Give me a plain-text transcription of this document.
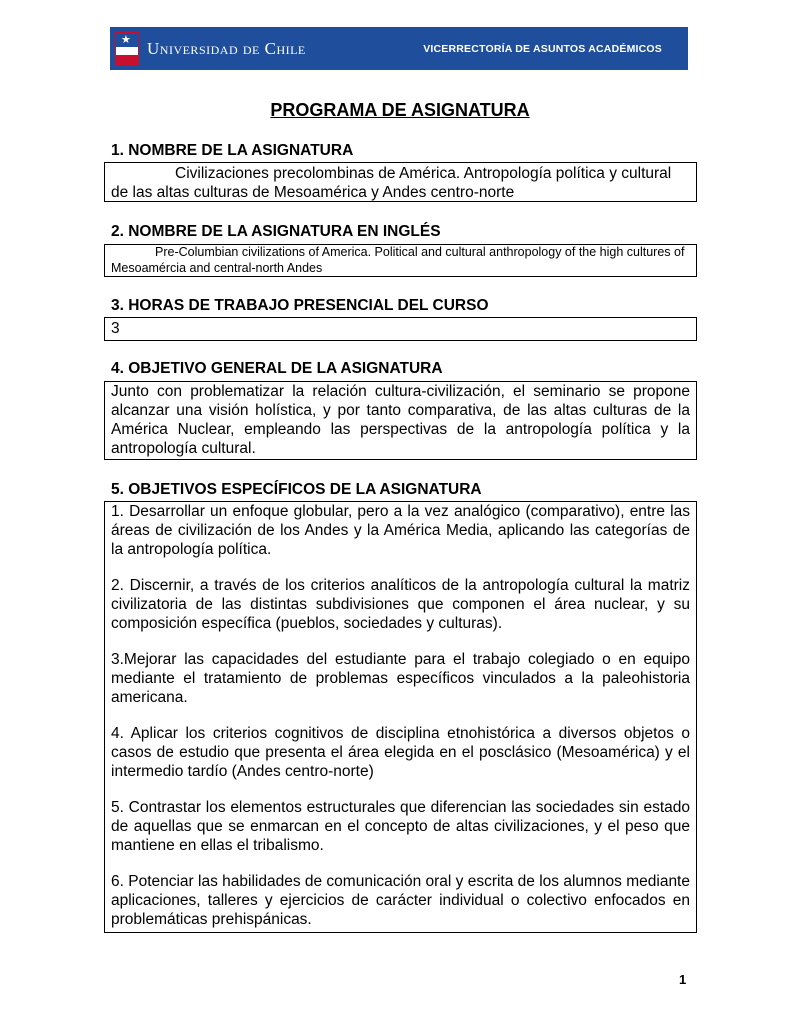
★ Universidad de Chile	VICERRECTORÍA DE ASUNTOS ACADÉMICOS
PROGRAMA DE ASIGNATURA
1. NOMBRE DE LA ASIGNATURA

Civilizaciones precolombinas de América. Antropología política y cultural de las altas culturas de Mesoamérica y Andes centro-norte

2. NOMBRE DE LA ASIGNATURA EN INGLÉS

Pre-Columbian civilizations of America. Political and cultural anthropology of the high cultures of Mesoamércia and central-north Andes

3. HORAS DE TRABAJO PRESENCIAL DEL CURSO

3

4. OBJETIVO GENERAL DE LA ASIGNATURA

Junto con problematizar la relación cultura-civilización, el seminario se propone alcanzar una visión holística, y por tanto comparativa, de las altas culturas de la América Nuclear, empleando las perspectivas de la antropología política y la antropología cultural.

5. OBJETIVOS ESPECÍFICOS DE LA ASIGNATURA

1. Desarrollar un enfoque globular, pero a la vez analógico (comparativo), entre las áreas de civilización de los Andes y la América Media, aplicando las categorías de la antropología política.

2. Discernir, a través de los criterios analíticos de la antropología cultural la matriz civilizatoria de las distintas subdivisiones que componen el área nuclear, y su composición específica (pueblos, sociedades y culturas).

3.Mejorar las capacidades del estudiante para el trabajo colegiado o en equipo mediante el tratamiento de problemas específicos vinculados a la paleohistoria americana.

4. Aplicar los criterios cognitivos de disciplina etnohistórica a diversos objetos o casos de estudio que presenta el área elegida en el posclásico (Mesoamérica) y el intermedio tardío (Andes centro-norte)

5. Contrastar los elementos estructurales que diferencian las sociedades sin estado de aquellas que se enmarcan en el concepto de altas civilizaciones, y el peso que mantiene en ellas el tribalismo.

6. Potenciar las habilidades de comunicación oral y escrita de los alumnos mediante aplicaciones, talleres y ejercicios de carácter individual o colectivo enfocados en problemáticas prehispánicas.

1
